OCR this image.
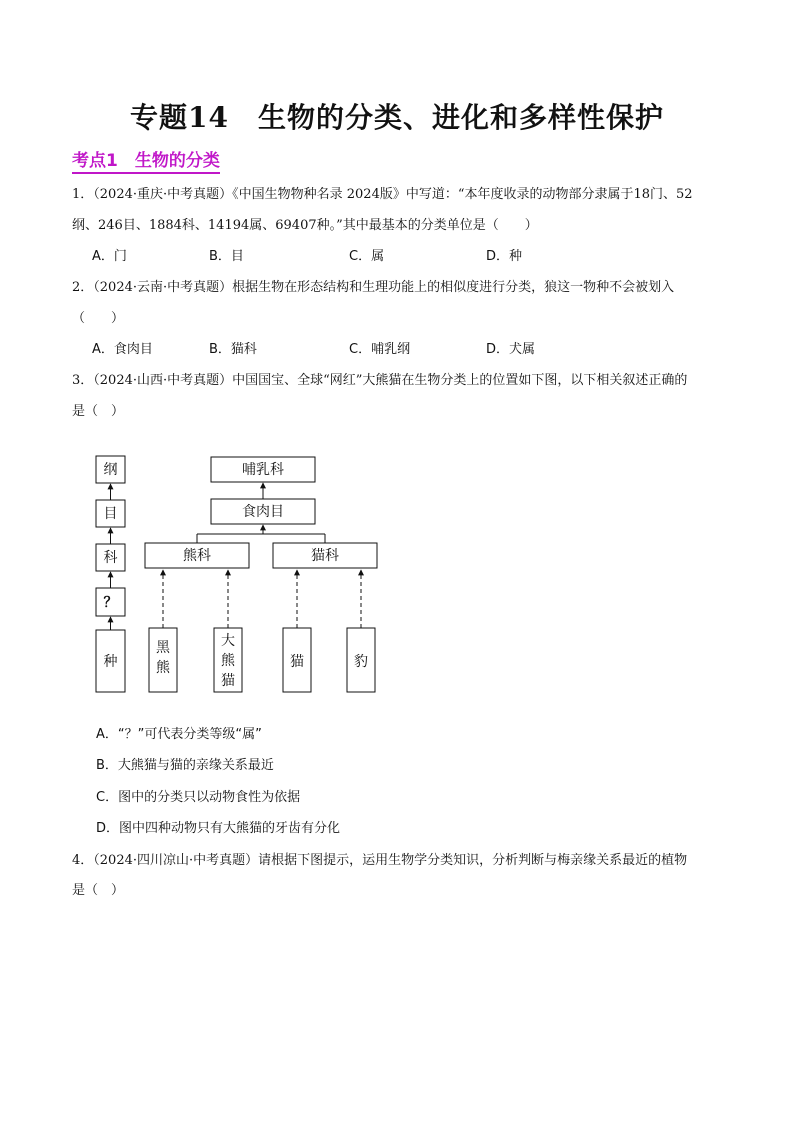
专题14　生物的分类、进化和多样性保护
考点1　生物的分类
1．（2024·重庆·中考真题）《中国生物物种名录 2024版》中写道：“本年度收录的动物部分隶属于18门、52
纲、246目、1884科、14194属、69407种。”其中最基本的分类单位是（　　）
A．门	B．目	C．属	D．种
2．（2024·云南·中考真题）根据生物在形态结构和生理功能上的相似度进行分类，狼这一物种不会被划入
（　　）
A．食肉目	B．猫科	C．哺乳纲	D．犬属
3．（2024·山西·中考真题）中国国宝、全球“网红”大熊猫在生物分类上的位置如下图，以下相关叙述正确的
是（　）
纲
目
科
？
种
哺乳科
食肉目
熊科	猫科
黑
熊
大
熊
猫
猫	豹
A．“？”可代表分类等级“属”
B．大熊猫与猫的亲缘关系最近
C．图中的分类只以动物食性为依据
D．图中四种动物只有大熊猫的牙齿有分化
4．（2024·四川凉山·中考真题）请根据下图提示，运用生物学分类知识，分析判断与梅亲缘关系最近的植物
是（　）
